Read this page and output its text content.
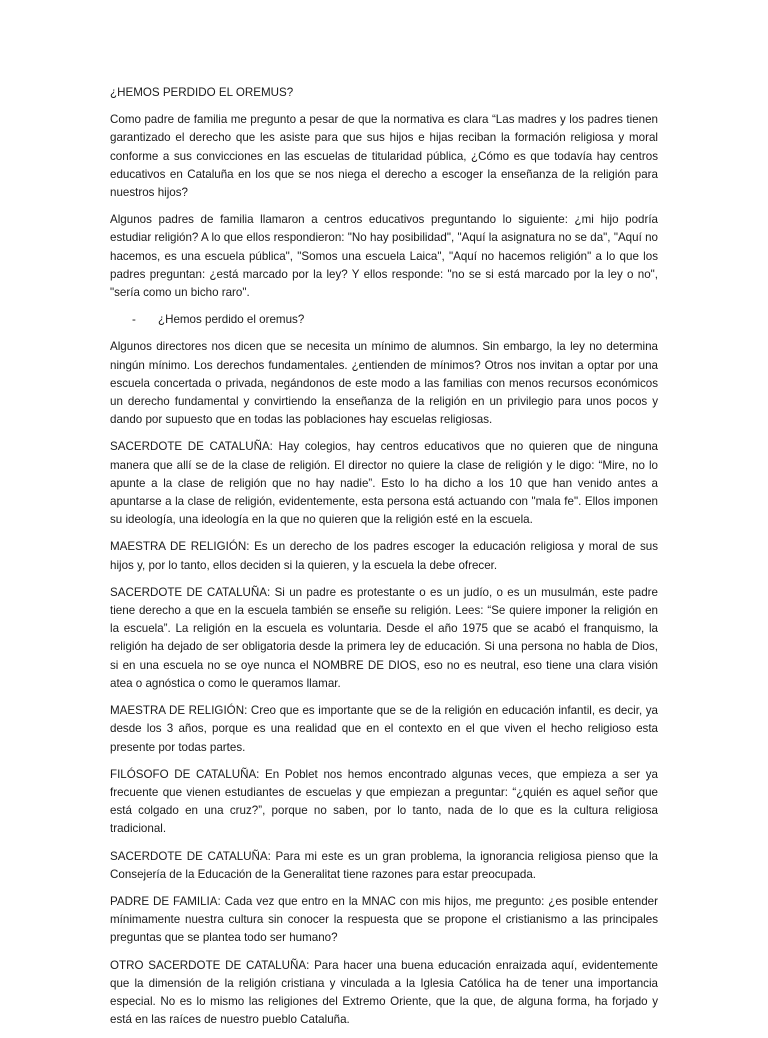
¿HEMOS PERDIDO EL OREMUS?

Como padre de familia me pregunto a pesar de que la normativa es clara “Las madres y los padres tienen garantizado el derecho que les asiste para que sus hijos e hijas reciban la formación religiosa y moral conforme a sus convicciones en las escuelas de titularidad pública, ¿Cómo es que todavía hay centros educativos en Cataluña en los que se nos niega el derecho a escoger la enseñanza de la religión para nuestros hijos?

Algunos padres de familia llamaron a centros educativos preguntando lo siguiente: ¿mi hijo podría estudiar religión? A lo que ellos respondieron: "No hay posibilidad", "Aquí la asignatura no se da", "Aquí no hacemos, es una escuela pública", "Somos una escuela Laica", "Aquí no hacemos religión" a lo que los padres preguntan: ¿está marcado por la ley? Y ellos responde: "no se si está marcado por la ley o no", "sería como un bicho raro".

-	¿Hemos perdido el oremus?

Algunos directores nos dicen que se necesita un mínimo de alumnos. Sin embargo, la ley no determina ningún mínimo. Los derechos fundamentales. ¿entienden de mínimos? Otros nos invitan a optar por una escuela concertada o privada, negándonos de este modo a las familias con menos recursos económicos un derecho fundamental y convirtiendo la enseñanza de la religión en un privilegio para unos pocos y dando por supuesto que en todas las poblaciones hay escuelas religiosas.

SACERDOTE DE CATALUÑA: Hay colegios, hay centros educativos que no quieren que de ninguna manera que allí se de la clase de religión. El director no quiere la clase de religión y le digo: “Mire, no lo apunte a la clase de religión que no hay nadie”. Esto lo ha dicho a los 10 que han venido antes a apuntarse a la clase de religión, evidentemente, esta persona está actuando con "mala fe". Ellos imponen su ideología, una ideología en la que no quieren que la religión esté en la escuela.

MAESTRA DE RELIGIÓN: Es un derecho de los padres escoger la educación religiosa y moral de sus hijos y, por lo tanto, ellos deciden si la quieren, y la escuela la debe ofrecer.

SACERDOTE DE CATALUÑA: Si un padre es protestante o es un judío, o es un musulmán, este padre tiene derecho a que en la escuela también se enseñe su religión. Lees: “Se quiere imponer la religión en la escuela”. La religión en la escuela es voluntaria. Desde el año 1975 que se acabó el franquismo, la religión ha dejado de ser obligatoria desde la primera ley de educación. Si una persona no habla de Dios, si en una escuela no se oye nunca el NOMBRE DE DIOS, eso no es neutral, eso tiene una clara visión atea o agnóstica o como le queramos llamar.

MAESTRA DE RELIGIÓN: Creo que es importante que se de la religión en educación infantil, es decir, ya desde los 3 años, porque es una realidad que en el contexto en el que viven el hecho religioso esta presente por todas partes.

FILÓSOFO DE CATALUÑA: En Poblet nos hemos encontrado algunas veces, que empieza a ser ya frecuente que vienen estudiantes de escuelas y que empiezan a preguntar: “¿quién es aquel señor que está colgado en una cruz?”, porque no saben, por lo tanto, nada de lo que es la cultura religiosa tradicional.

SACERDOTE DE CATALUÑA: Para mi este es un gran problema, la ignorancia religiosa pienso que la Consejería de la Educación de la Generalitat tiene razones para estar preocupada.

PADRE DE FAMILIA: Cada vez que entro en la MNAC con mis hijos, me pregunto: ¿es posible entender mínimamente nuestra cultura sin conocer la respuesta que se propone el cristianismo a las principales preguntas que se plantea todo ser humano?

OTRO SACERDOTE DE CATALUÑA: Para hacer una buena educación enraizada aquí, evidentemente que la dimensión de la religión cristiana y vinculada a la Iglesia Católica ha de tener una importancia especial. No es lo mismo las religiones del Extremo Oriente, que la que, de alguna forma, ha forjado y está en las raíces de nuestro pueblo Cataluña.
